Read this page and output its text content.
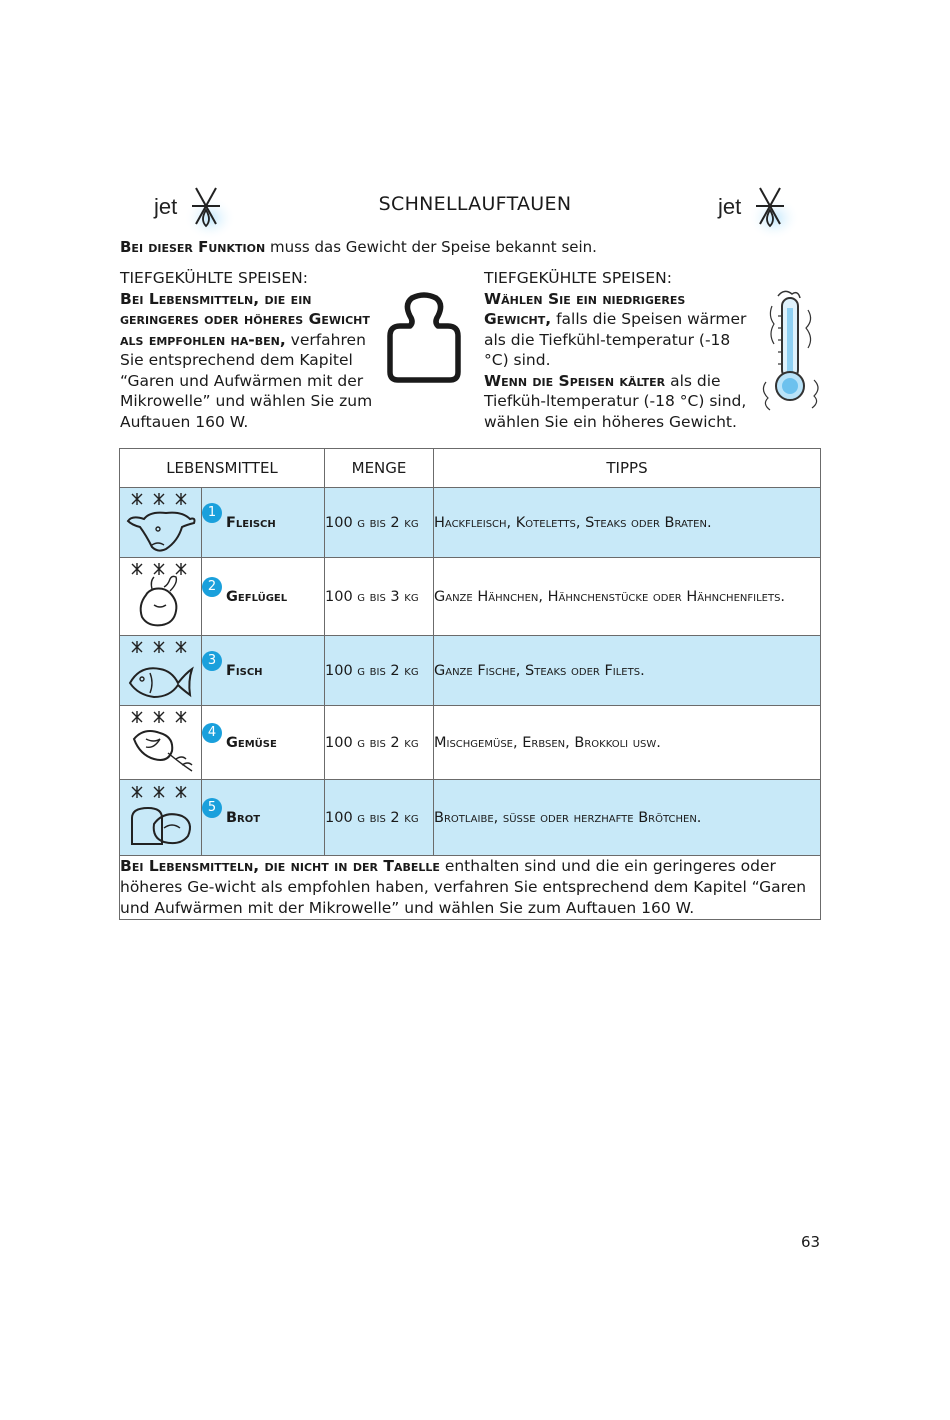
jet	SCHNELLAUFTAUEN	jet
Bei dieser Funktion muss das Gewicht der Speise bekannt sein.
TIEFGEKÜHLTE SPEISEN:

Bei Lebensmitteln, die ein geringeres oder höheres Gewicht als empfohlen ha-ben, verfahren Sie entsprechend dem Kapitel “Garen und Aufwärmen mit der Mikrowelle” und wählen Sie zum Auftauen 160 W.

TIEFGEKÜHLTE SPEISEN:

Wählen Sie ein niedrigeres Gewicht, falls die Speisen wärmer als die Tiefkühl-temperatur (-18 °C) sind.

Wenn die Speisen kälter als die Tiefküh-ltemperatur (-18 °C) sind, wählen Sie ein höheres Gewicht.

LEBENSMITTEL		MENGE	TIPPS

	1Fleisch	100 g bis 2 kg	Hackfleisch, Koteletts, Steaks oder Braten.

	2Geflügel	100 g bis 3 kg	Ganze Hähnchen, Hähnchenstücke oder Hähnchenfilets.

	3Fisch	100 g bis 2 kg	Ganze Fische, Steaks oder Filets.

	4Gemüse	100 g bis 2 kg	Mischgemüse, Erbsen, Brokkoli usw.

	5Brot	100 g bis 2 kg	Brotlaibe, süsse oder herzhafte Brötchen.
Bei Lebensmitteln, die nicht in der Tabelle enthalten sind und die ein geringeres oder höheres Ge-wicht als empfohlen haben, verfahren Sie entsprechend dem Kapitel “Garen und Aufwärmen mit der Mikrowelle” und wählen Sie zum Auftauen 160 W.			
63
